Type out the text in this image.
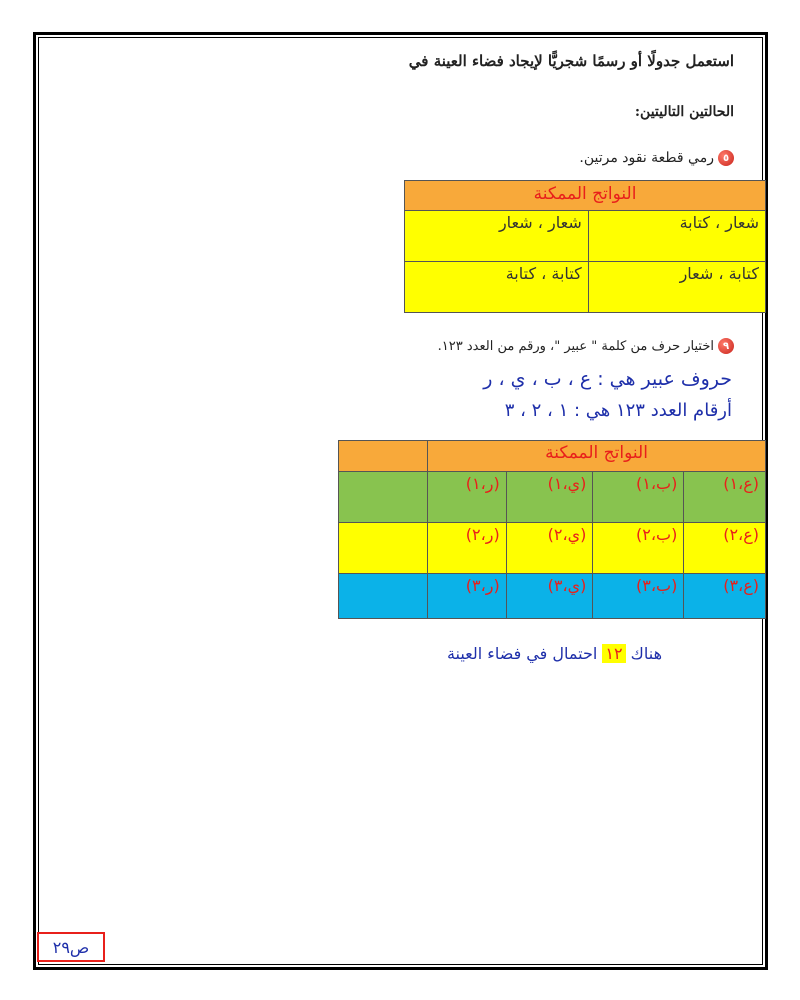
استعمل جدولًا أو رسمًا شجريًّا لإيجاد فضاء العينة في
الحالتين التاليتين:
٥
رمي قطعة نقود مرتين.
النواتج الممكنة	
شعار ، كتابة	شعار ، شعار
كتابة ، شعار	كتابة ، كتابة
٩
اختيار حرف من كلمة " عبير "، ورقم من العدد ١٢٣.
حروف عبير هي : ع ، ب ، ي ، ر
أرقام العدد ١٢٣ هي : ١ ، ٢ ، ٣
النواتج الممكنة				
(ع،١)	(ب،١)	(ي،١)	(ر،١)	
(ع،٢)	(ب،٢)	(ي،٢)	(ر،٢)	
(ع،٣)	(ب،٣)	(ي،٣)	(ر،٣)	
هناك ١٢ احتمال في فضاء العينة
ص٢٩
